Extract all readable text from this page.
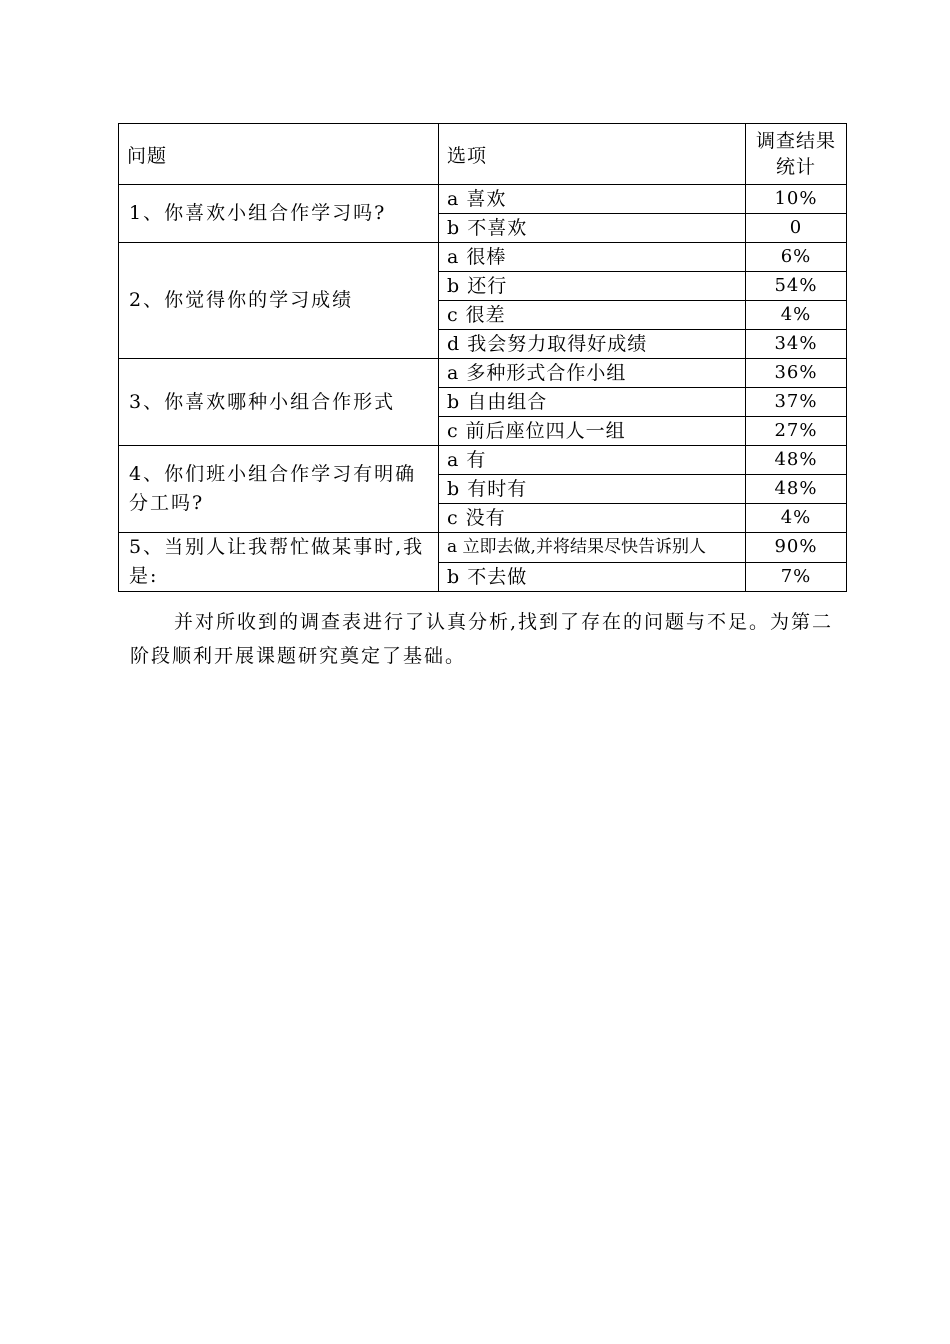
问题	选项	调查结果统计
1、你喜欢小组合作学习吗?	a 喜欢	10%
	b 不喜欢	0
2、你觉得你的学习成绩	a 很棒	6%
	b 还行	54%
	c 很差	4%
	d 我会努力取得好成绩	34%
3、你喜欢哪种小组合作形式	a 多种形式合作小组	36%
	b 自由组合	37%
	c 前后座位四人一组	27%
4、你们班小组合作学习有明确分工吗?	a 有	48%
	b 有时有	48%
	c 没有	4%
5、当别人让我帮忙做某事时,我是:	a 立即去做,并将结果尽快告诉别人	90%
	b 不去做	7%

并对所收到的调查表进行了认真分析,找到了存在的问题与不足。为第二阶段顺利开展课题研究奠定了基础。
